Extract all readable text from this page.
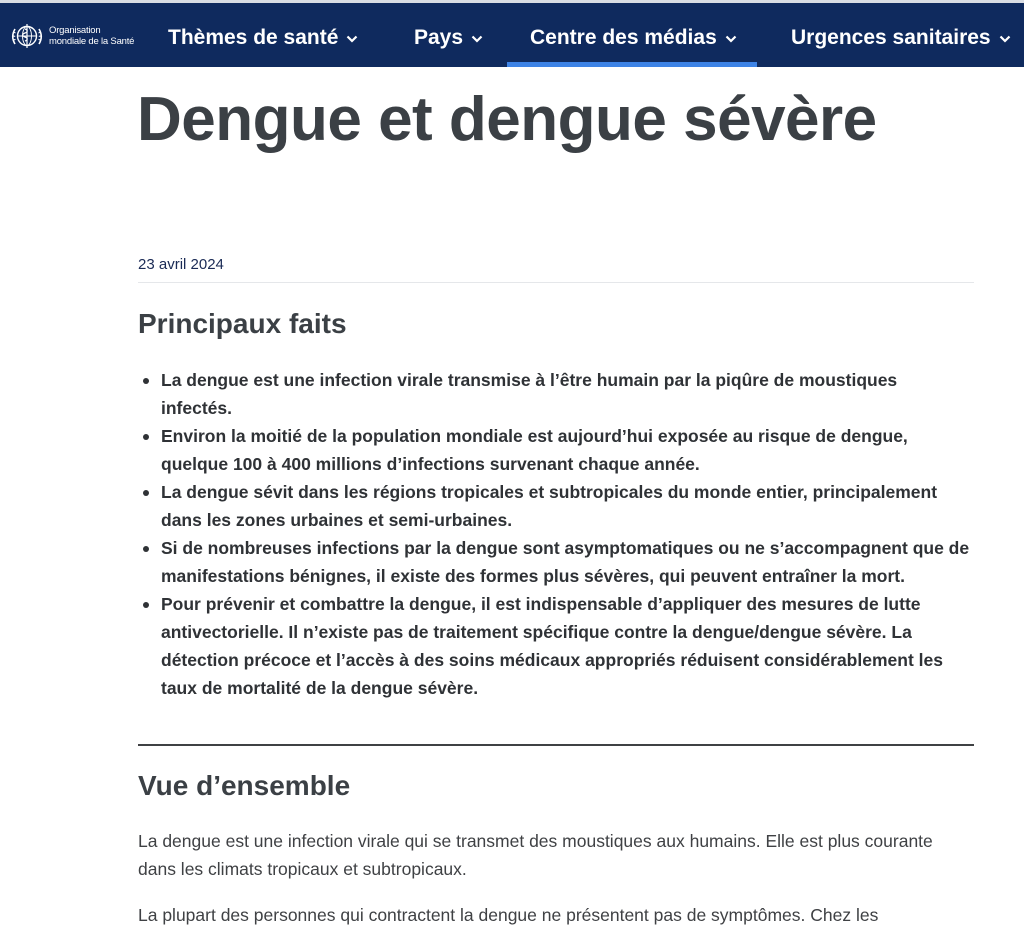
Organisation
mondiale de la Santé Thèmes de santé	Pays	Centre des médias	Urgences sanitaires
Dengue et dengue sévère
23 avril 2024
Principaux faits
La dengue est une infection virale transmise à l’être humain par la piqûre de moustiques infectés.
Environ la moitié de la population mondiale est aujourd’hui exposée au risque de dengue, quelque 100 à 400 millions d’infections survenant chaque année.
La dengue sévit dans les régions tropicales et subtropicales du monde entier, principalement dans les zones urbaines et semi-urbaines.
Si de nombreuses infections par la dengue sont asymptomatiques ou ne s’accompagnent que de manifestations bénignes, il existe des formes plus sévères, qui peuvent entraîner la mort.
Pour prévenir et combattre la dengue, il est indispensable d’appliquer des mesures de lutte antivectorielle. Il n’existe pas de traitement spécifique contre la dengue/dengue sévère. La détection précoce et l’accès à des soins médicaux appropriés réduisent considérablement les taux de mortalité de la dengue sévère.
Vue d’ensemble

La dengue est une infection virale qui se transmet des moustiques aux humains. Elle est plus courante dans les climats tropicaux et subtropicaux.

La plupart des personnes qui contractent la dengue ne présentent pas de symptômes. Chez les
